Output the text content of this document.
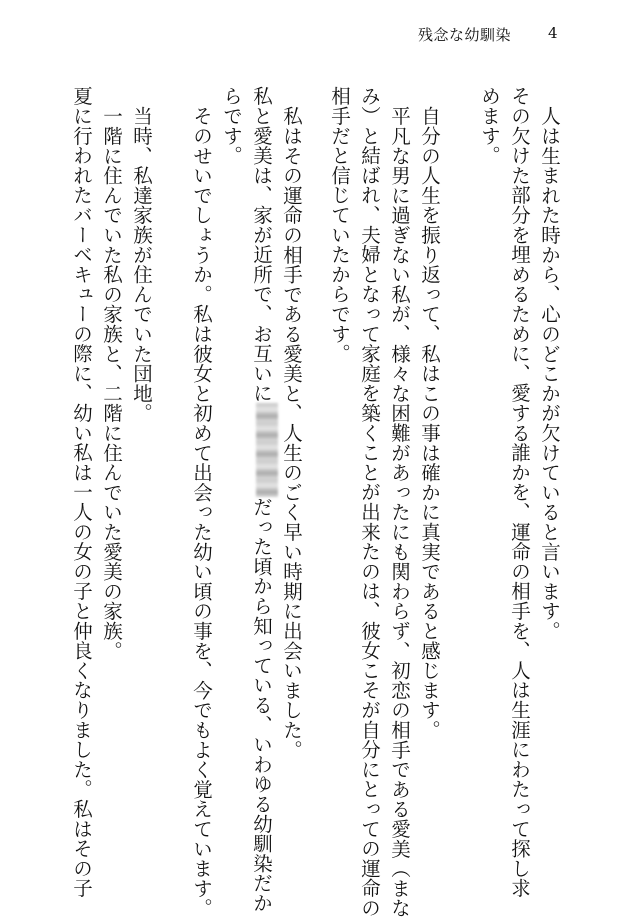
残念な幼馴染 4
人は生まれた時から、心のどこかが欠けていると言います。
その欠けた部分を埋めるために、愛する誰かを、運命の相手を、人は生涯にわたって探し求
めます。
自分の人生を振り返って、私はこの事は確かに真実であると感じます。
平凡な男に過ぎない私が、様々な困難があったにも関わらず、初恋の相手である愛美（まな
み）と結ばれ、夫婦となって家庭を築くことが出来たのは、彼女こそが自分にとっての運命の
相手だと信じていたからです。
私はその運命の相手である愛美と、人生のごく早い時期に出会いました。
私と愛美は、家が近所で、お互いにだった頃から知っている、いわゆる幼馴染だか
らです。
そのせいでしょうか。私は彼女と初めて出会った幼い頃の事を、今でもよく覚えています。
当時、私達家族が住んでいた団地。
一階に住んでいた私の家族と、二階に住んでいた愛美の家族。
夏に行われたバーベキューの際に、幼い私は一人の女の子と仲良くなりました。私はその子
